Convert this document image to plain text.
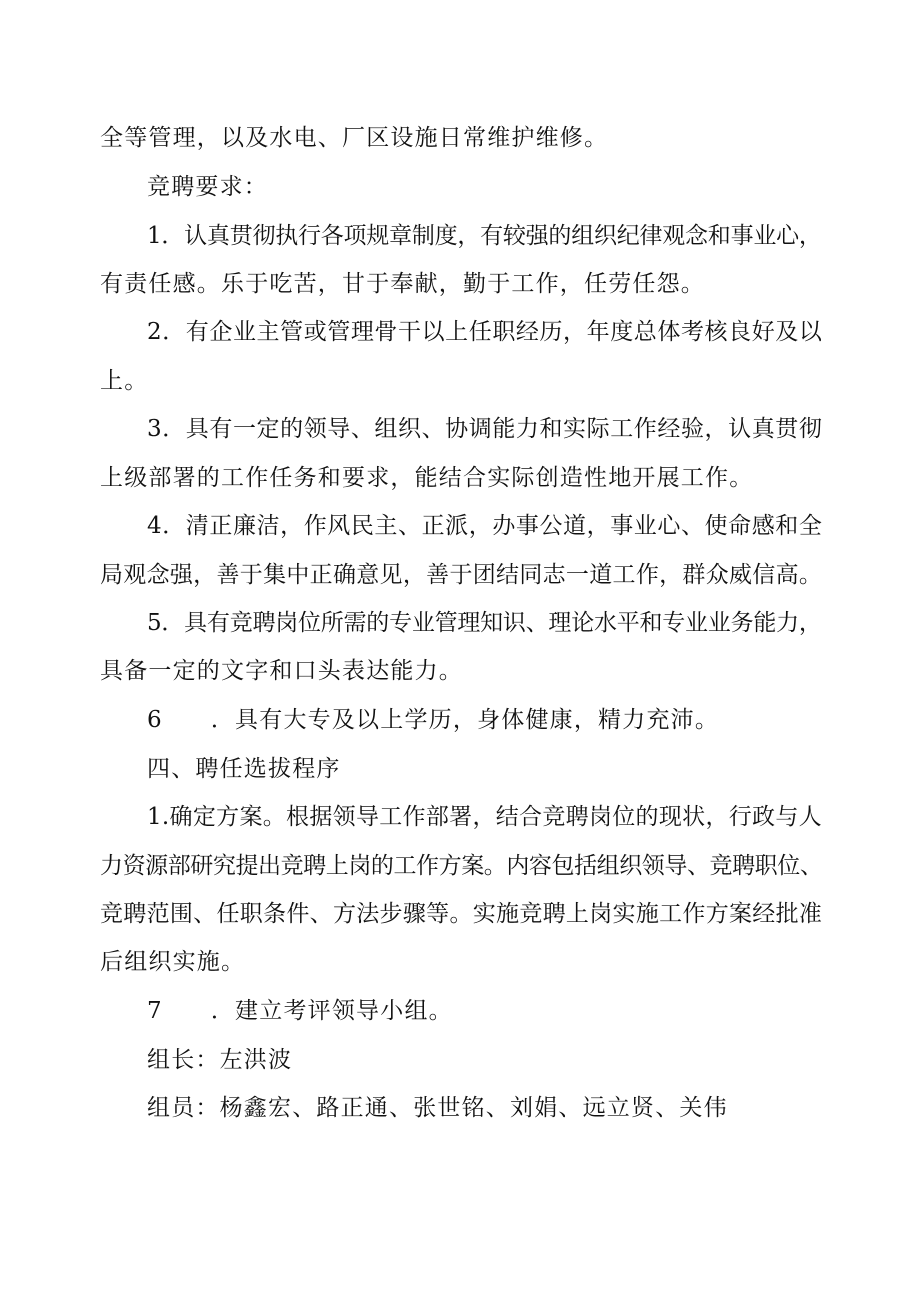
全等管理，以及水电、厂区设施日常维护维修。
竞聘要求：
1．认真贯彻执行各项规章制度，有较强的组织纪律观念和事业心，
有责任感。乐于吃苦，甘于奉献，勤于工作，任劳任怨。
2．有企业主管或管理骨干以上任职经历，年度总体考核良好及以
上。
3．具有一定的领导、组织、协调能力和实际工作经验，认真贯彻
上级部署的工作任务和要求，能结合实际创造性地开展工作。
4．清正廉洁，作风民主、正派，办事公道，事业心、使命感和全
局观念强，善于集中正确意见，善于团结同志一道工作，群众威信高。
5．具有竞聘岗位所需的专业管理知识、理论水平和专业业务能力，
具备一定的文字和口头表达能力。
6 ．具有大专及以上学历，身体健康，精力充沛。
四、聘任选拔程序
1.确定方案。根据领导工作部署，结合竞聘岗位的现状，行政与人
力资源部研究提出竞聘上岗的工作方案。内容包括组织领导、竞聘职位、
竞聘范围、任职条件、方法步骤等。实施竞聘上岗实施工作方案经批准
后组织实施。
7 ．建立考评领导小组。
组长：左洪波
组员：杨鑫宏、路正通、张世铭、刘娟、远立贤、关伟
